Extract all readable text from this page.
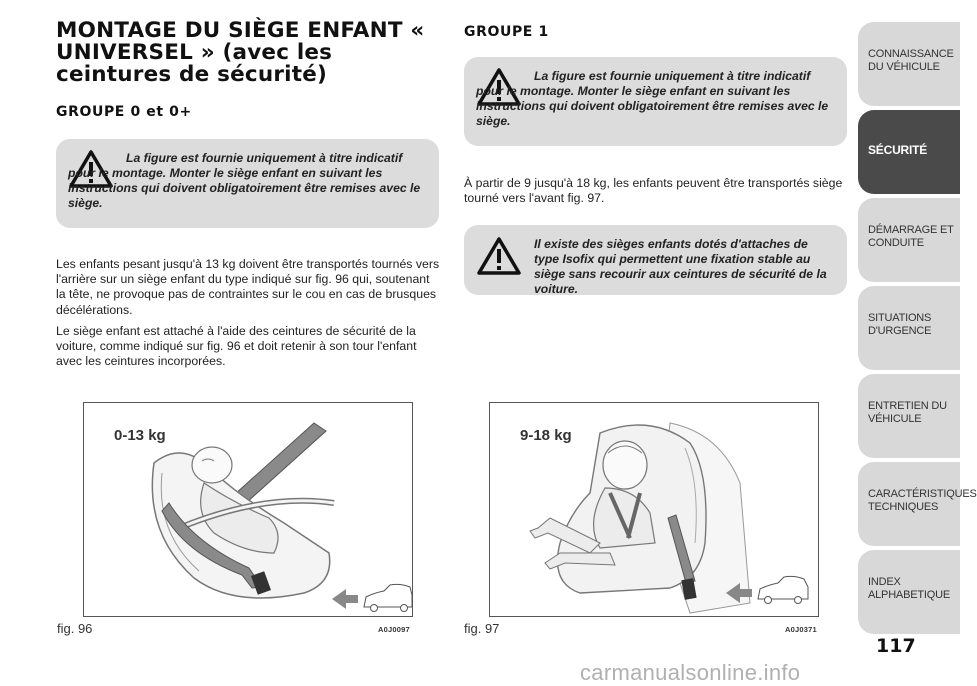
MONTAGE DU SIÈGE ENFANT « UNIVERSEL » (avec les ceintures de sécurité)
GROUPE 0 et 0+
La figure est fournie uniquement à titre indicatif pour le montage. Monter le siège enfant en suivant les instructions qui doivent obligatoirement être remises avec le siège.

Les enfants pesant jusqu'à 13 kg doivent être transportés tournés vers l'arrière sur un siège enfant du type indiqué sur fig. 96 qui, soutenant la tête, ne provoque pas de contraintes sur le cou en cas de brusques décélérations.

Le siège enfant est attaché à l'aide des ceintures de sécurité de la voiture, comme indiqué sur fig. 96 et doit retenir à son tour l'enfant avec les ceintures incorporées.

0-13 kg
fig. 96	A0J0097
GROUPE 1
La figure est fournie uniquement à titre indicatif pour le montage. Monter le siège enfant en suivant les instructions qui doivent obligatoirement être remises avec le siège.

À partir de 9 jusqu'à 18 kg, les enfants peuvent être transportés siège tourné vers l'avant fig. 97.

Il existe des sièges enfants dotés d'attaches de type Isofix qui permettent une fixation stable au siège sans recourir aux ceintures de sécurité de la voiture.
9-18 kg
fig. 97	A0J0371
CONNAISSANCE DU VÉHICULE
SÉCURITÉ
DÉMARRAGE ET CONDUITE
SITUATIONS D'URGENCE
ENTRETIEN DU VÉHICULE
CARACTÉRISTIQUES TECHNIQUES
INDEX ALPHABETIQUE
117
carmanualsonline.info
